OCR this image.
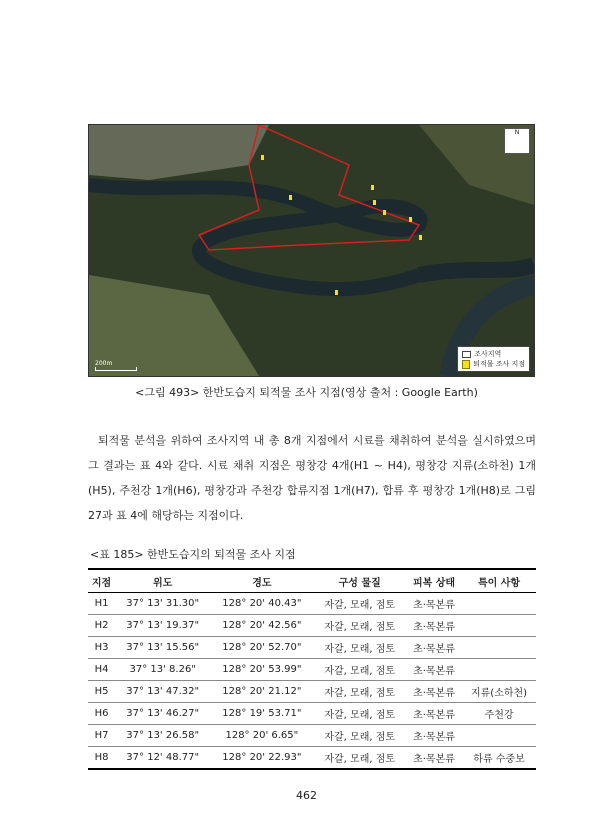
N
200m
조사지역
퇴적물 조사 지점
<그림 493> 한반도습지 퇴적물 조사 지점(영상 출처 : Google Earth)
퇴적물 분석을 위하여 조사지역 내 총 8개 지점에서 시료를 채취하여 분석을 실시하였으며 그 결과는 표 4와 같다. 시료 채취 지점은 평창강 4개(H1 ~ H4), 평창강 지류(소하천) 1개(H5), 주천강 1개(H6), 평창강과 주천강 합류지점 1개(H7), 합류 후 평창강 1개(H8)로 그림 27과 표 4에 해당하는 지점이다.
<표 185> 한반도습지의 퇴적물 조사 지점
지점	위도	경도	구성 물질	피복 상태	특이 사항
H1	37° 13' 31.30"	128° 20' 40.43"	자갈, 모래, 점토	초·목본류	
H2	37° 13' 19.37"	128° 20' 42.56"	자갈, 모래, 점토	초·목본류	
H3	37° 13' 15.56"	128° 20' 52.70"	자갈, 모래, 점토	초·목본류	
H4	37° 13' 8.26"	128° 20' 53.99"	자갈, 모래, 점토	초·목본류	
H5	37° 13' 47.32"	128° 20' 21.12"	자갈, 모래, 점토	초·목본류	지류(소하천)
H6	37° 13' 46.27"	128° 19' 53.71"	자갈, 모래, 점토	초·목본류	주천강
H7	37° 13' 26.58"	128° 20' 6.65"	자갈, 모래, 점토	초·목본류	
H8	37° 12' 48.77"	128° 20' 22.93"	자갈, 모래, 점토	초·목본류	하류 수중보
462
